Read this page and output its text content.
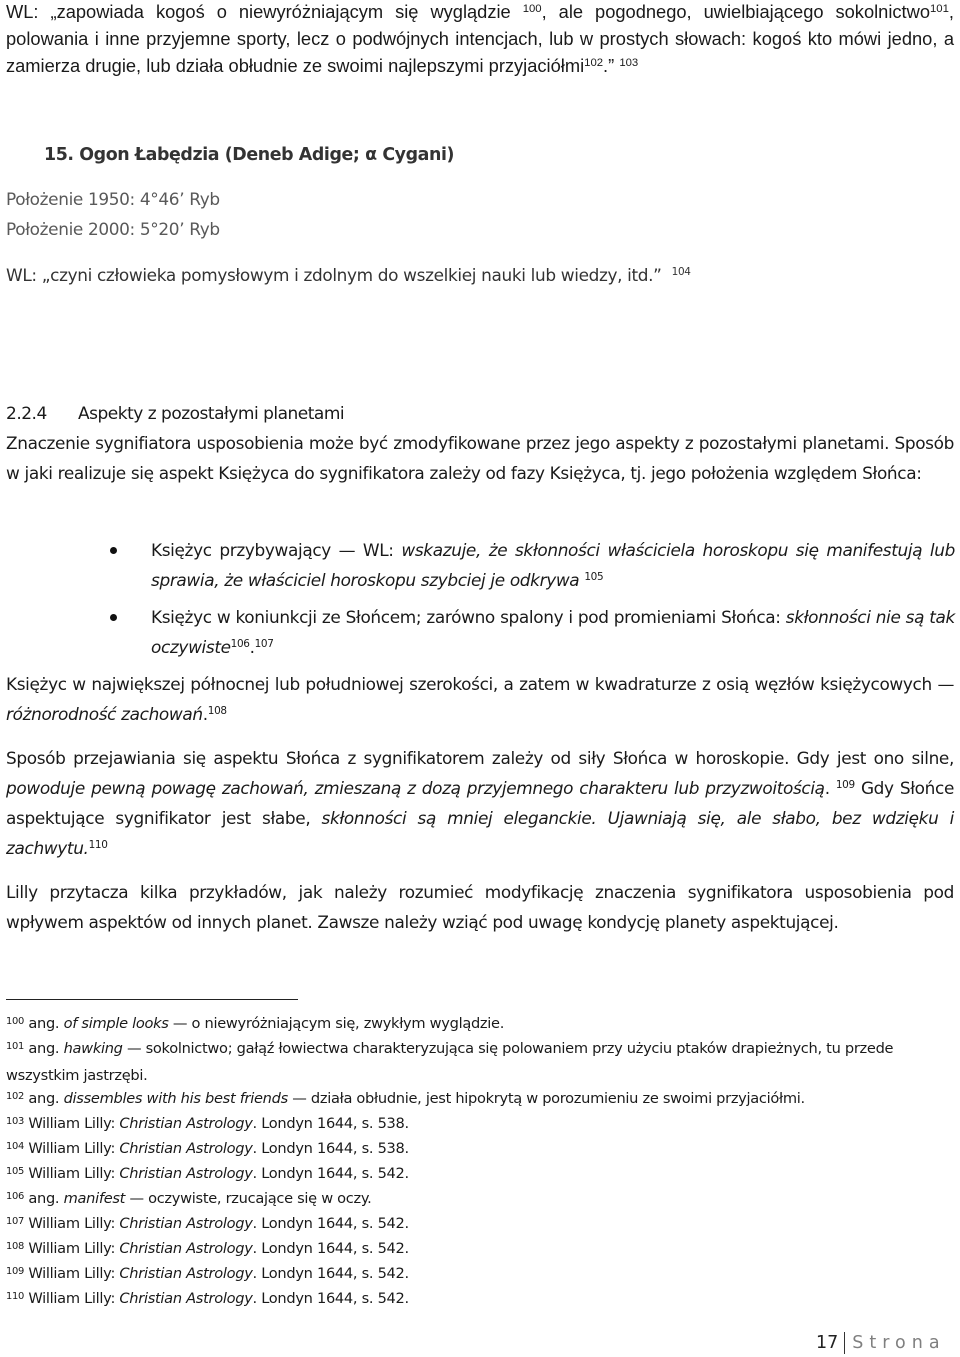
WL: „zapowiada kogoś o niewyróżniającym się wyglądzie $^{100}$, ale pogodnego, uwielbiającego sokolnictwo$^{101}$, polowania i inne przyjemne sporty, lecz o podwójnych intencjach, lub w prostych słowach: kogoś kto mówi jedno, a zamierza drugie, lub działa obłudnie ze swoimi najlepszymi przyjaciółmi$^{102}$.” $^{103}$

15. Ogon Łabędzia (Deneb Adige; α Cygani)
Położenie 1950: 4°46’ Ryb
Położenie 2000: 5°20’ Ryb
WL: „czyni człowieka pomysłowym i zdolnym do wszelkiej nauki lub wiedzy, itd.” $^{104}$
2.2.4 Aspekty z pozostałymi planetami

Znaczenie sygnifiatora usposobienia może być zmodyfikowane przez jego aspekty z pozostałymi planetami. Sposób w jaki realizuje się aspekt Księżyca do sygnifikatora zależy od fazy Księżyca, tj. jego położenia względem Słońca:

Księżyc przybywający — WL: wskazuje, że skłonności właściciela horoskopu się manifestują lub sprawia, że właściciel horoskopu szybciej je odkrywa $^{105}$
Księżyc w koniunkcji ze Słońcem; zarówno spalony i pod promieniami Słońca: skłonności nie są tak oczywiste$^{106}$.$^{107}$

Księżyc w największej północnej lub południowej szerokości, a zatem w kwadraturze z osią węzłów księżycowych — różnorodność zachowań.$^{108}$

Sposób przejawiania się aspektu Słońca z sygnifikatorem zależy od siły Słońca w horoskopie. Gdy jest ono silne, powoduje pewną powagę zachowań, zmieszaną z dozą przyjemnego charakteru lub przyzwoitością. $^{109}$ Gdy Słońce aspektujące sygnifikator jest słabe, skłonności są mniej eleganckie. Ujawniają się, ale słabo, bez wdzięku i zachwytu.$^{110}$

Lilly przytacza kilka przykładów, jak należy rozumieć modyfikację znaczenia sygnifikatora usposobienia pod wpływem aspektów od innych planet. Zawsze należy wziąć pod uwagę kondycję planety aspektującej.

$^{100}$ ang. of simple looks — o niewyróżniającym się, zwykłym wyglądzie.

$^{101}$ ang. hawking — sokolnictwo; gałąź łowiectwa charakteryzująca się polowaniem przy użyciu ptaków drapieżnych, tu przede wszystkim jastrzębi.

$^{102}$ ang. dissembles with his best friends — działa obłudnie, jest hipokrytą w porozumieniu ze swoimi przyjaciółmi.

$^{103}$ William Lilly: Christian Astrology. Londyn 1644, s. 538.

$^{104}$ William Lilly: Christian Astrology. Londyn 1644, s. 538.

$^{105}$ William Lilly: Christian Astrology. Londyn 1644, s. 542.

$^{106}$ ang. manifest — oczywiste, rzucające się w oczy.

$^{107}$ William Lilly: Christian Astrology. Londyn 1644, s. 542.

$^{108}$ William Lilly: Christian Astrology. Londyn 1644, s. 542.

$^{109}$ William Lilly: Christian Astrology. Londyn 1644, s. 542.

$^{110}$ William Lilly: Christian Astrology. Londyn 1644, s. 542.

17 Strona
